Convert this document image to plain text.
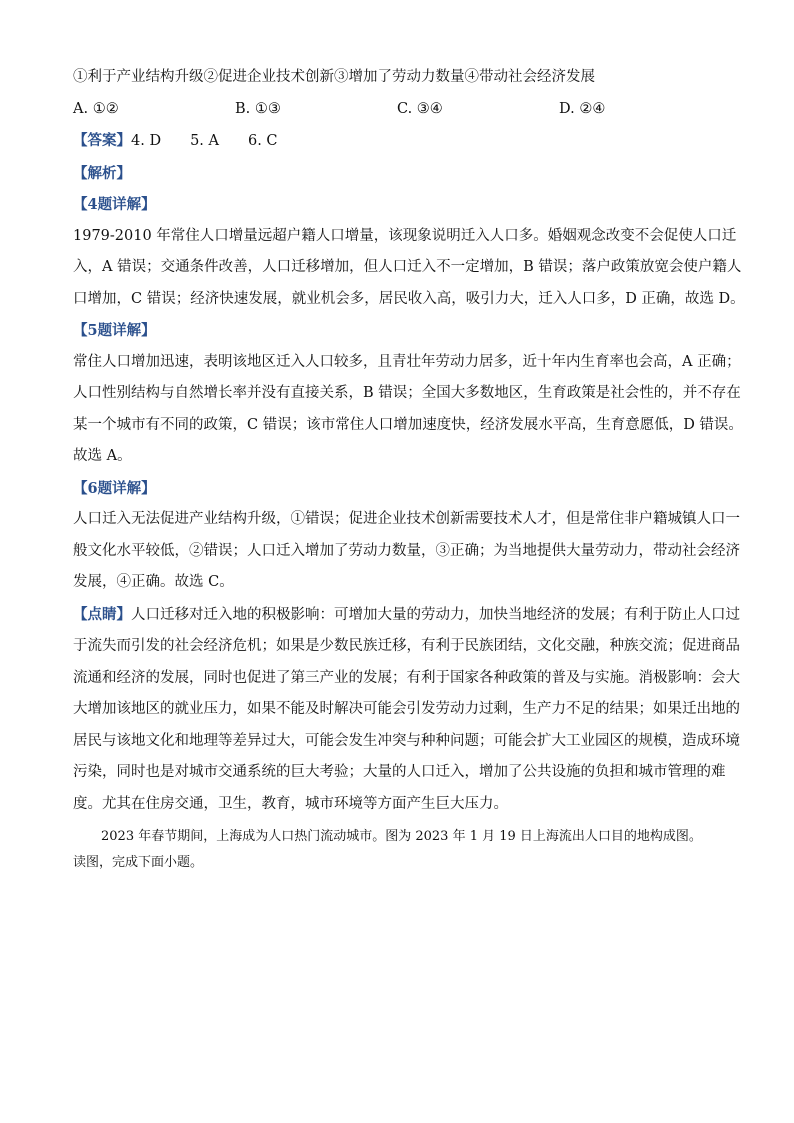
①利于产业结构升级②促进企业技术创新③增加了劳动力数量④带动社会经济发展
A. ①②	B. ①③	C. ③④	D. ②④
【答案】4. D　　5. A　　6. C
【解析】
【4题详解】
1979-2010 年常住人口增量远超户籍人口增量，该现象说明迁入人口多。婚姻观念改变不会促使人口迁
入，A 错误；交通条件改善，人口迁移增加，但人口迁入不一定增加，B 错误；落户政策放宽会使户籍人
口增加，C 错误；经济快速发展，就业机会多，居民收入高，吸引力大，迁入人口多，D 正确，故选 D。
【5题详解】
常住人口增加迅速，表明该地区迁入人口较多，且青壮年劳动力居多，近十年内生育率也会高，A 正确；
人口性别结构与自然增长率并没有直接关系，B 错误；全国大多数地区，生育政策是社会性的，并不存在
某一个城市有不同的政策，C 错误；该市常住人口增加速度快，经济发展水平高，生育意愿低，D 错误。
故选 A。
【6题详解】
人口迁入无法促进产业结构升级，①错误；促进企业技术创新需要技术人才，但是常住非户籍城镇人口一
般文化水平较低，②错误；人口迁入增加了劳动力数量，③正确；为当地提供大量劳动力，带动社会经济
发展，④正确。故选 C。
【点睛】人口迁移对迁入地的积极影响：可增加大量的劳动力，加快当地经济的发展；有利于防止人口过
于流失而引发的社会经济危机；如果是少数民族迁移，有利于民族团结，文化交融，种族交流；促进商品
流通和经济的发展，同时也促进了第三产业的发展；有利于国家各种政策的普及与实施。消极影响：会大
大增加该地区的就业压力，如果不能及时解决可能会引发劳动力过剩，生产力不足的结果；如果迁出地的
居民与该地文化和地理等差异过大，可能会发生冲突与种种问题；可能会扩大工业园区的规模，造成环境
污染，同时也是对城市交通系统的巨大考验；大量的人口迁入，增加了公共设施的负担和城市管理的难
度。尤其在住房交通，卫生，教育，城市环境等方面产生巨大压力。
2023 年春节期间，上海成为人口热门流动城市。图为 2023 年 1 月 19 日上海流出人口目的地构成图。
读图，完成下面小题。
